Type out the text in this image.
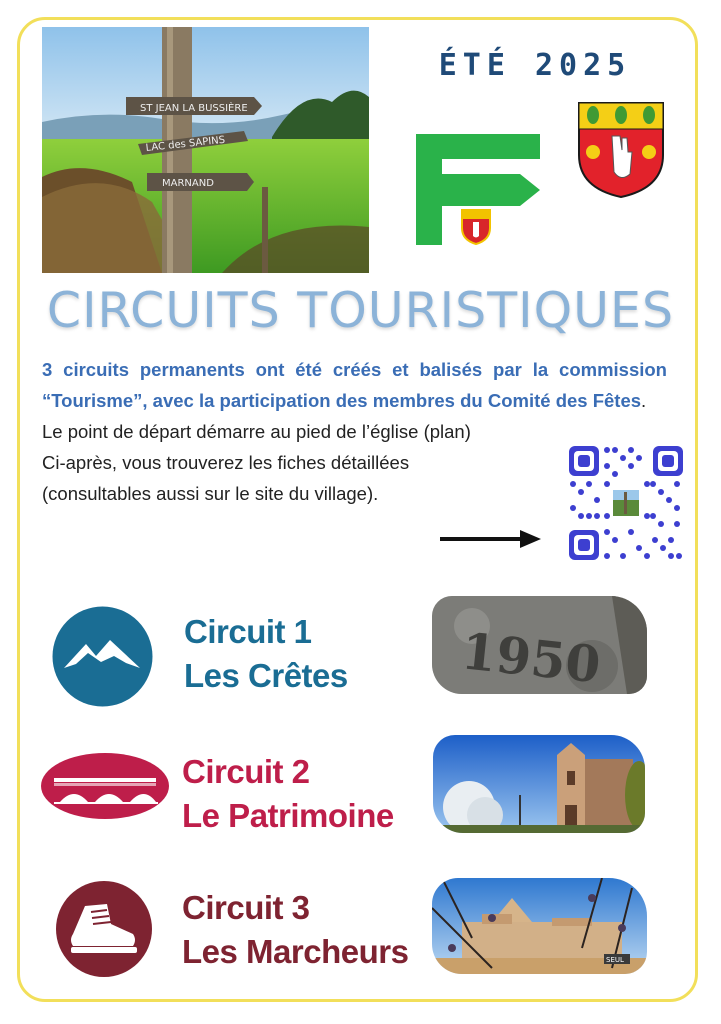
ST JEAN LA BUSSIÈRE
LAC des SAPINS
MARNAND
ÉTÉ 2025
CIRCUITS TOURISTIQUES
3 circuits permanents ont été créés et balisés par la commission “Tourisme”, avec la participation des membres du Comité des Fêtes.
Le point de départ démarre au pied de l’église (plan)
Ci-après, vous trouverez les fiches détaillées
(consultables aussi sur le site du village).
Circuit 1
Les Crêtes 1950
Circuit 2
Le Patrimoine
Circuit 3
Les Marcheurs	SEUL
